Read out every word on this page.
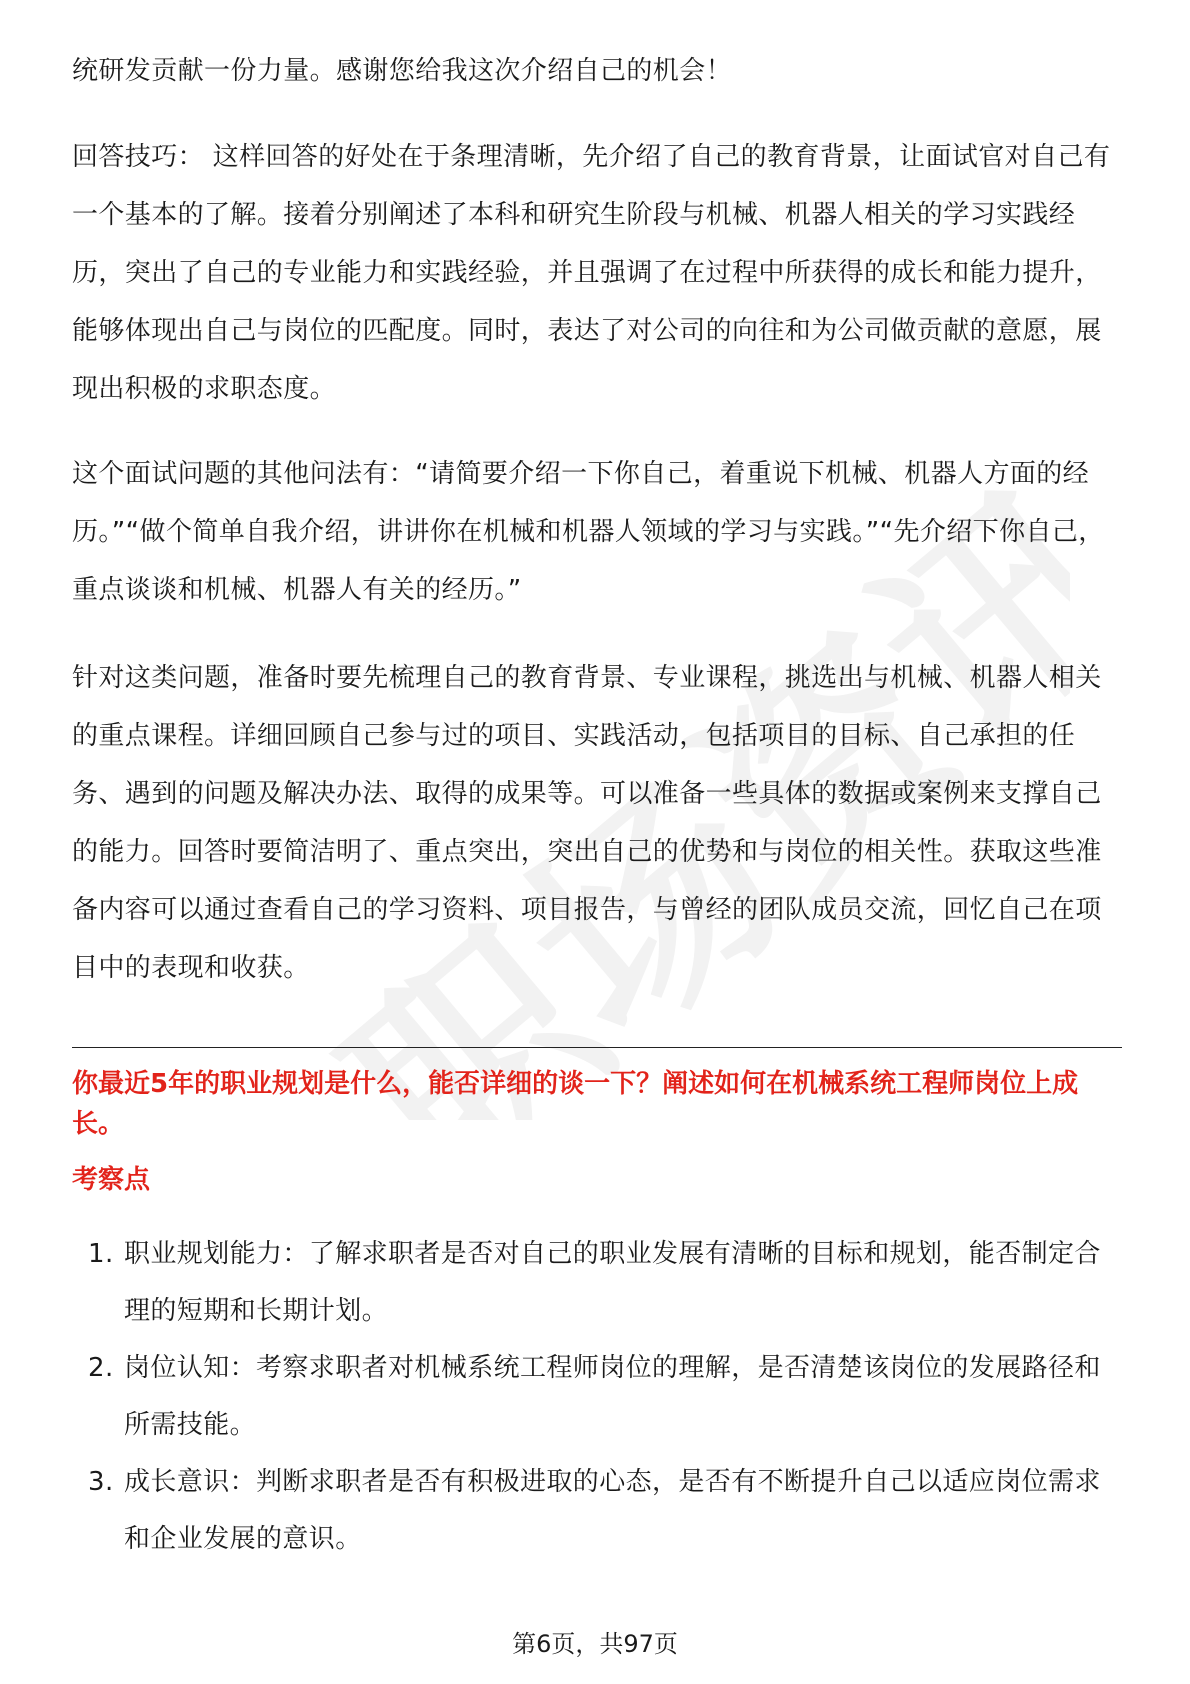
职场资讯

统研发贡献一份力量。感谢您给我这次介绍自己的机会！

回答技巧： 这样回答的好处在于条理清晰，先介绍了自己的教育背景，让面试官对自己有一个基本的了解。接着分别阐述了本科和研究生阶段与机械、机器人相关的学习实践经历，突出了自己的专业能力和实践经验，并且强调了在过程中所获得的成长和能力提升，能够体现出自己与岗位的匹配度。同时，表达了对公司的向往和为公司做贡献的意愿，展现出积极的求职态度。

这个面试问题的其他问法有：“请简要介绍一下你自己，着重说下机械、机器人方面的经历。”“做个简单自我介绍，讲讲你在机械和机器人领域的学习与实践。”“先介绍下你自己，重点谈谈和机械、机器人有关的经历。”

针对这类问题，准备时要先梳理自己的教育背景、专业课程，挑选出与机械、机器人相关的重点课程。详细回顾自己参与过的项目、实践活动，包括项目的目标、自己承担的任务、遇到的问题及解决办法、取得的成果等。可以准备一些具体的数据或案例来支撑自己的能力。回答时要简洁明了、重点突出，突出自己的优势和与岗位的相关性。获取这些准备内容可以通过查看自己的学习资料、项目报告，与曾经的团队成员交流，回忆自己在项目中的表现和收获。

你最近5年的职业规划是什么，能否详细的谈一下？阐述如何在机械系统工程师岗位上成长。
考察点
1. 职业规划能力：了解求职者是否对自己的职业发展有清晰的目标和规划，能否制定合理的短期和长期计划。
2. 岗位认知：考察求职者对机械系统工程师岗位的理解，是否清楚该岗位的发展路径和所需技能。
3. 成长意识：判断求职者是否有积极进取的心态，是否有不断提升自己以适应岗位需求和企业发展的意识。
第6页，共97页
